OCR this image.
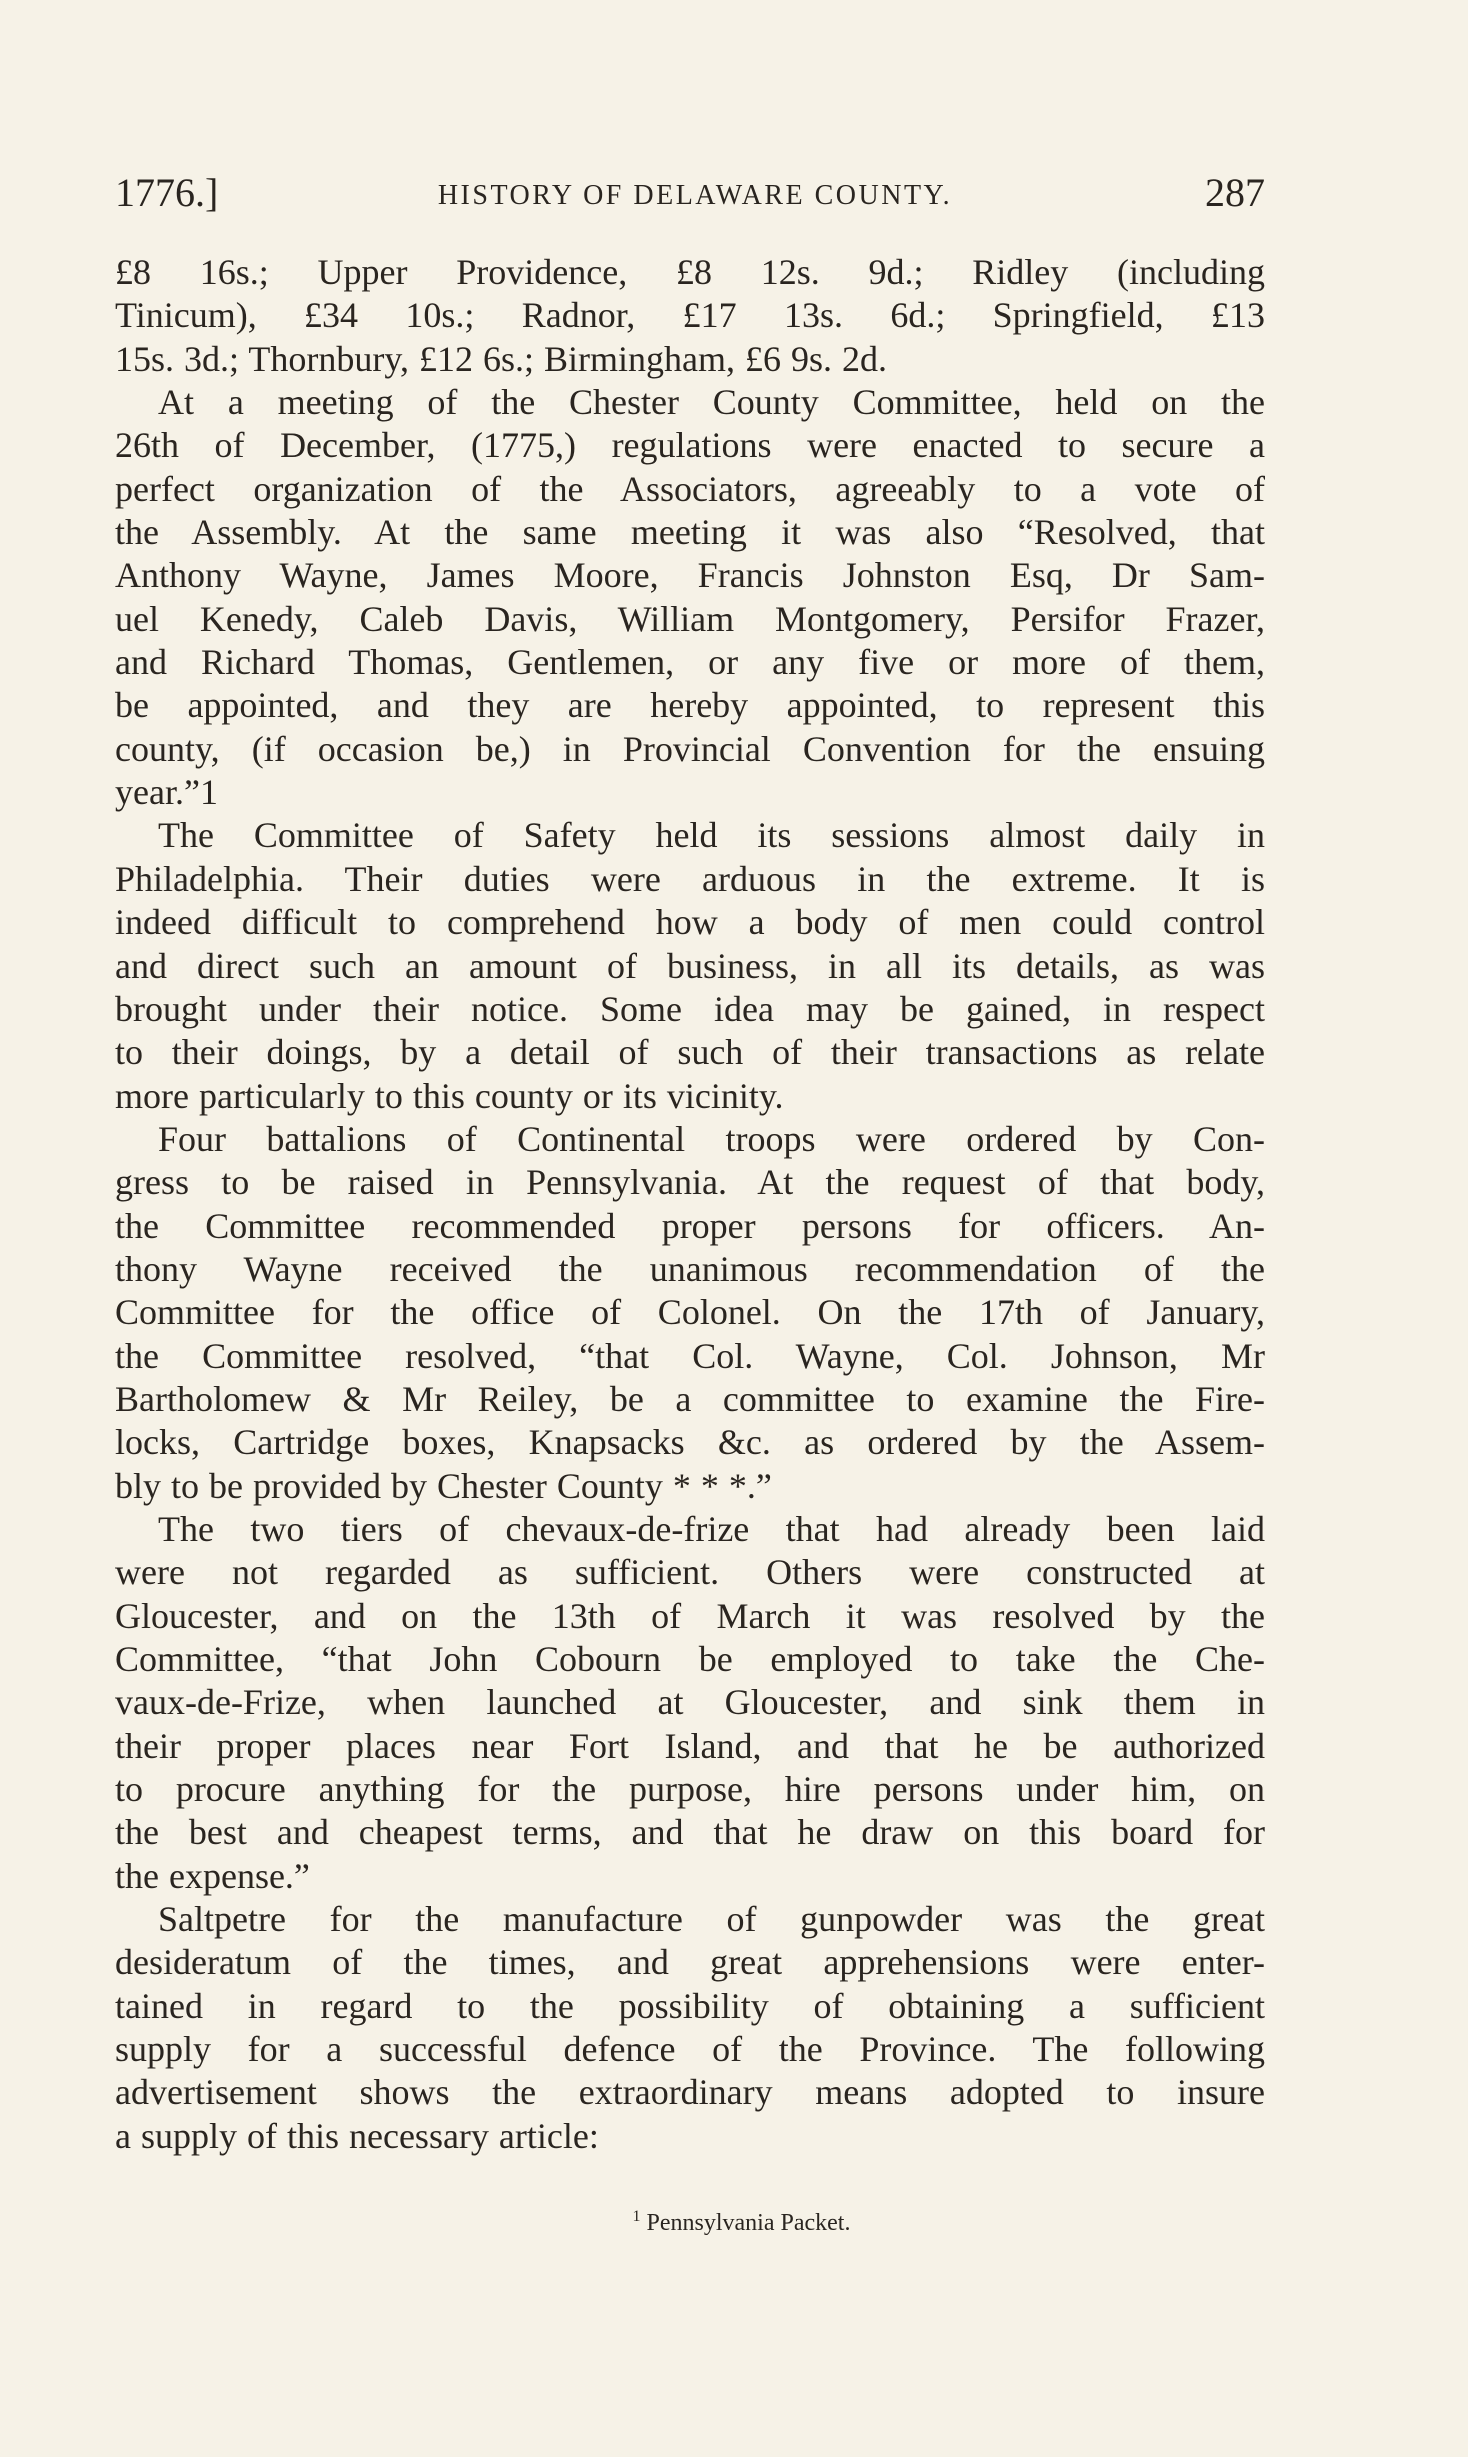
1776.]	HISTORY OF DELAWARE COUNTY.	287
£8 16s.; Upper Providence, £8 12s. 9d.; Ridley (including
Tinicum), £34 10s.; Radnor, £17 13s. 6d.; Springfield, £13
15s. 3d.; Thornbury, £12 6s.; Birmingham, £6 9s. 2d.
At a meeting of the Chester County Committee, held on the
26th of December, (1775,) regulations were enacted to secure a
perfect organization of the Associators, agreeably to a vote of
the Assembly. At the same meeting it was also “Resolved, that
Anthony Wayne, James Moore, Francis Johnston Esq, Dr Sam-
uel Kenedy, Caleb Davis, William Montgomery, Persifor Frazer,
and Richard Thomas, Gentlemen, or any five or more of them,
be appointed, and they are hereby appointed, to represent this
county, (if occasion be,) in Provincial Convention for the ensuing
year.”1
The Committee of Safety held its sessions almost daily in
Philadelphia. Their duties were arduous in the extreme. It is
indeed difficult to comprehend how a body of men could control
and direct such an amount of business, in all its details, as was
brought under their notice. Some idea may be gained, in respect
to their doings, by a detail of such of their transactions as relate
more particularly to this county or its vicinity.
Four battalions of Continental troops were ordered by Con-
gress to be raised in Pennsylvania. At the request of that body,
the Committee recommended proper persons for officers. An-
thony Wayne received the unanimous recommendation of the
Committee for the office of Colonel. On the 17th of January,
the Committee resolved, “that Col. Wayne, Col. Johnson, Mr
Bartholomew & Mr Reiley, be a committee to examine the Fire-
locks, Cartridge boxes, Knapsacks &c. as ordered by the Assem-
bly to be provided by Chester County * * *.”
The two tiers of chevaux-de-frize that had already been laid
were not regarded as sufficient. Others were constructed at
Gloucester, and on the 13th of March it was resolved by the
Committee, “that John Cobourn be employed to take the Che-
vaux-de-Frize, when launched at Gloucester, and sink them in
their proper places near Fort Island, and that he be authorized
to procure anything for the purpose, hire persons under him, on
the best and cheapest terms, and that he draw on this board for
the expense.”
Saltpetre for the manufacture of gunpowder was the great
desideratum of the times, and great apprehensions were enter-
tained in regard to the possibility of obtaining a sufficient
supply for a successful defence of the Province. The following
advertisement shows the extraordinary means adopted to insure
a supply of this necessary article:
$^1$ Pennsylvania Packet.
